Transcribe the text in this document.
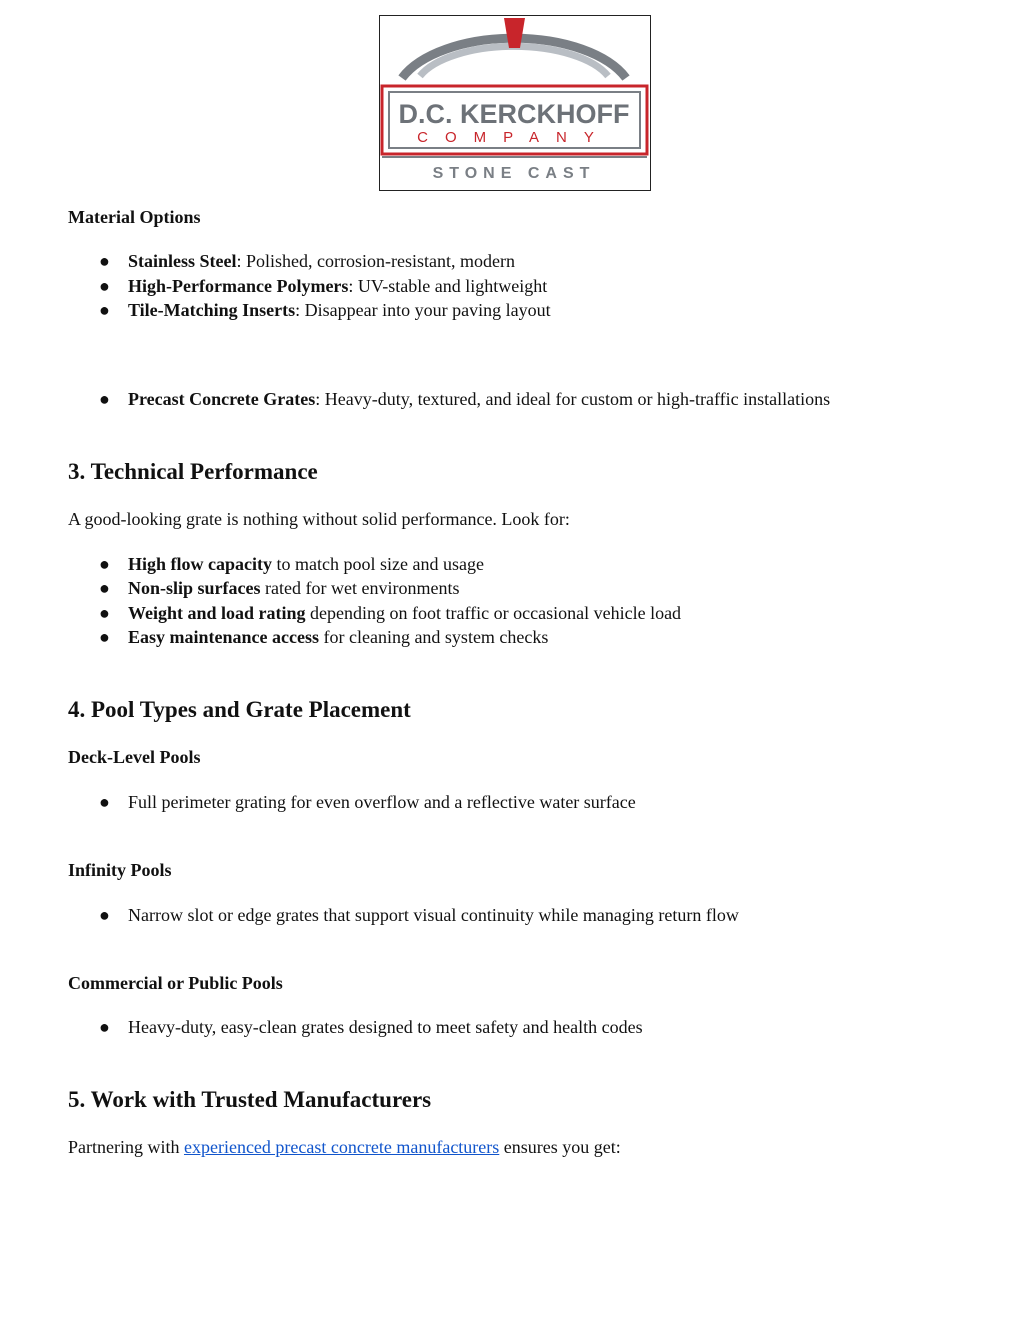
D.C. KERCKHOFF
COMPANY
STONE CAST
Material Options
● Stainless Steel: Polished, corrosion-resistant, modern
● High-Performance Polymers: UV-stable and lightweight
● Tile-Matching Inserts: Disappear into your paving layout
● Precast Concrete Grates: Heavy-duty, textured, and ideal for custom or high-traffic installations
3. Technical Performance
A good-looking grate is nothing without solid performance. Look for:
● High flow capacity to match pool size and usage
● Non-slip surfaces rated for wet environments
● Weight and load rating depending on foot traffic or occasional vehicle load
● Easy maintenance access for cleaning and system checks
4. Pool Types and Grate Placement
Deck-Level Pools
● Full perimeter grating for even overflow and a reflective water surface
Infinity Pools
● Narrow slot or edge grates that support visual continuity while managing return flow
Commercial or Public Pools
● Heavy-duty, easy-clean grates designed to meet safety and health codes
5. Work with Trusted Manufacturers
Partnering with experienced precast concrete manufacturers ensures you get:
